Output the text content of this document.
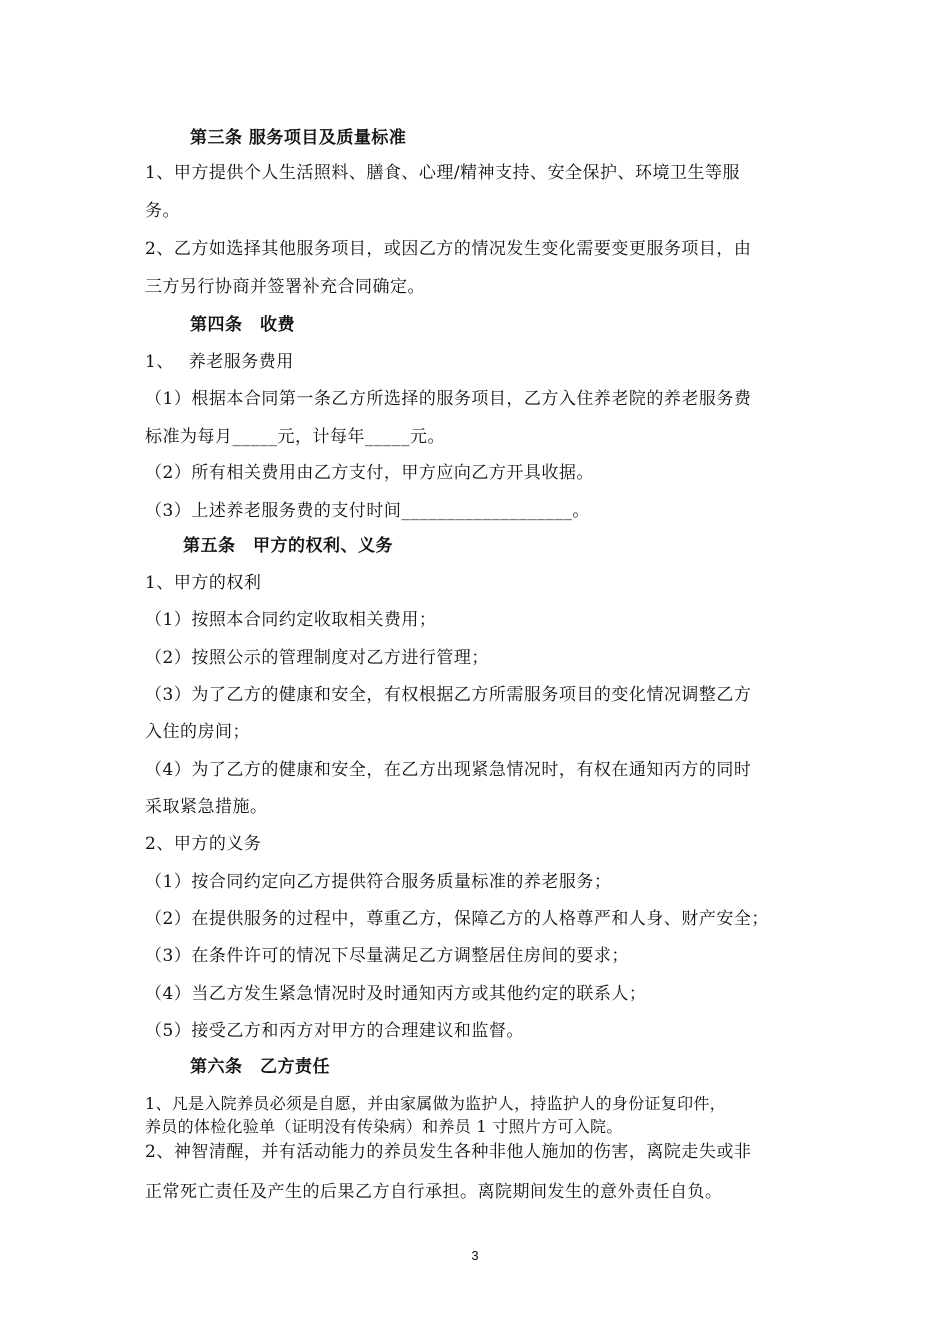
第三条 服务项目及质量标准
1、甲方提供个人生活照料、膳食、心理/精神支持、安全保护、环境卫生等服
务。
2、乙方如选择其他服务项目，或因乙方的情况发生变化需要变更服务项目，由
三方另行协商并签署补充合同确定。
第四条　收费
1、　 养老服务费用
（1）根据本合同第一条乙方所选择的服务项目，乙方入住养老院的养老服务费
标准为每月_____元，计每年_____元。
（2）所有相关费用由乙方支付，甲方应向乙方开具收据。
（3）上述养老服务费的支付时间___________________。
第五条　甲方的权利、义务
1、甲方的权利
（1）按照本合同约定收取相关费用；
（2）按照公示的管理制度对乙方进行管理；
（3）为了乙方的健康和安全，有权根据乙方所需服务项目的变化情况调整乙方
入住的房间；
（4）为了乙方的健康和安全，在乙方出现紧急情况时，有权在通知丙方的同时
采取紧急措施。
2、甲方的义务
（1）按合同约定向乙方提供符合服务质量标准的养老服务；
（2）在提供服务的过程中，尊重乙方，保障乙方的人格尊严和人身、财产安全；
（3）在条件许可的情况下尽量满足乙方调整居住房间的要求；
（4）当乙方发生紧急情况时及时通知丙方或其他约定的联系人；
（5）接受乙方和丙方对甲方的合理建议和监督。
第六条　乙方责任
1、凡是入院养员必须是自愿，并由家属做为监护人，持监护人的身份证复印件，
养员的体检化验单（证明没有传染病）和养员 1 寸照片方可入院。
2、神智清醒，并有活动能力的养员发生各种非他人施加的伤害，离院走失或非
正常死亡责任及产生的后果乙方自行承担。离院期间发生的意外责任自负。
3
